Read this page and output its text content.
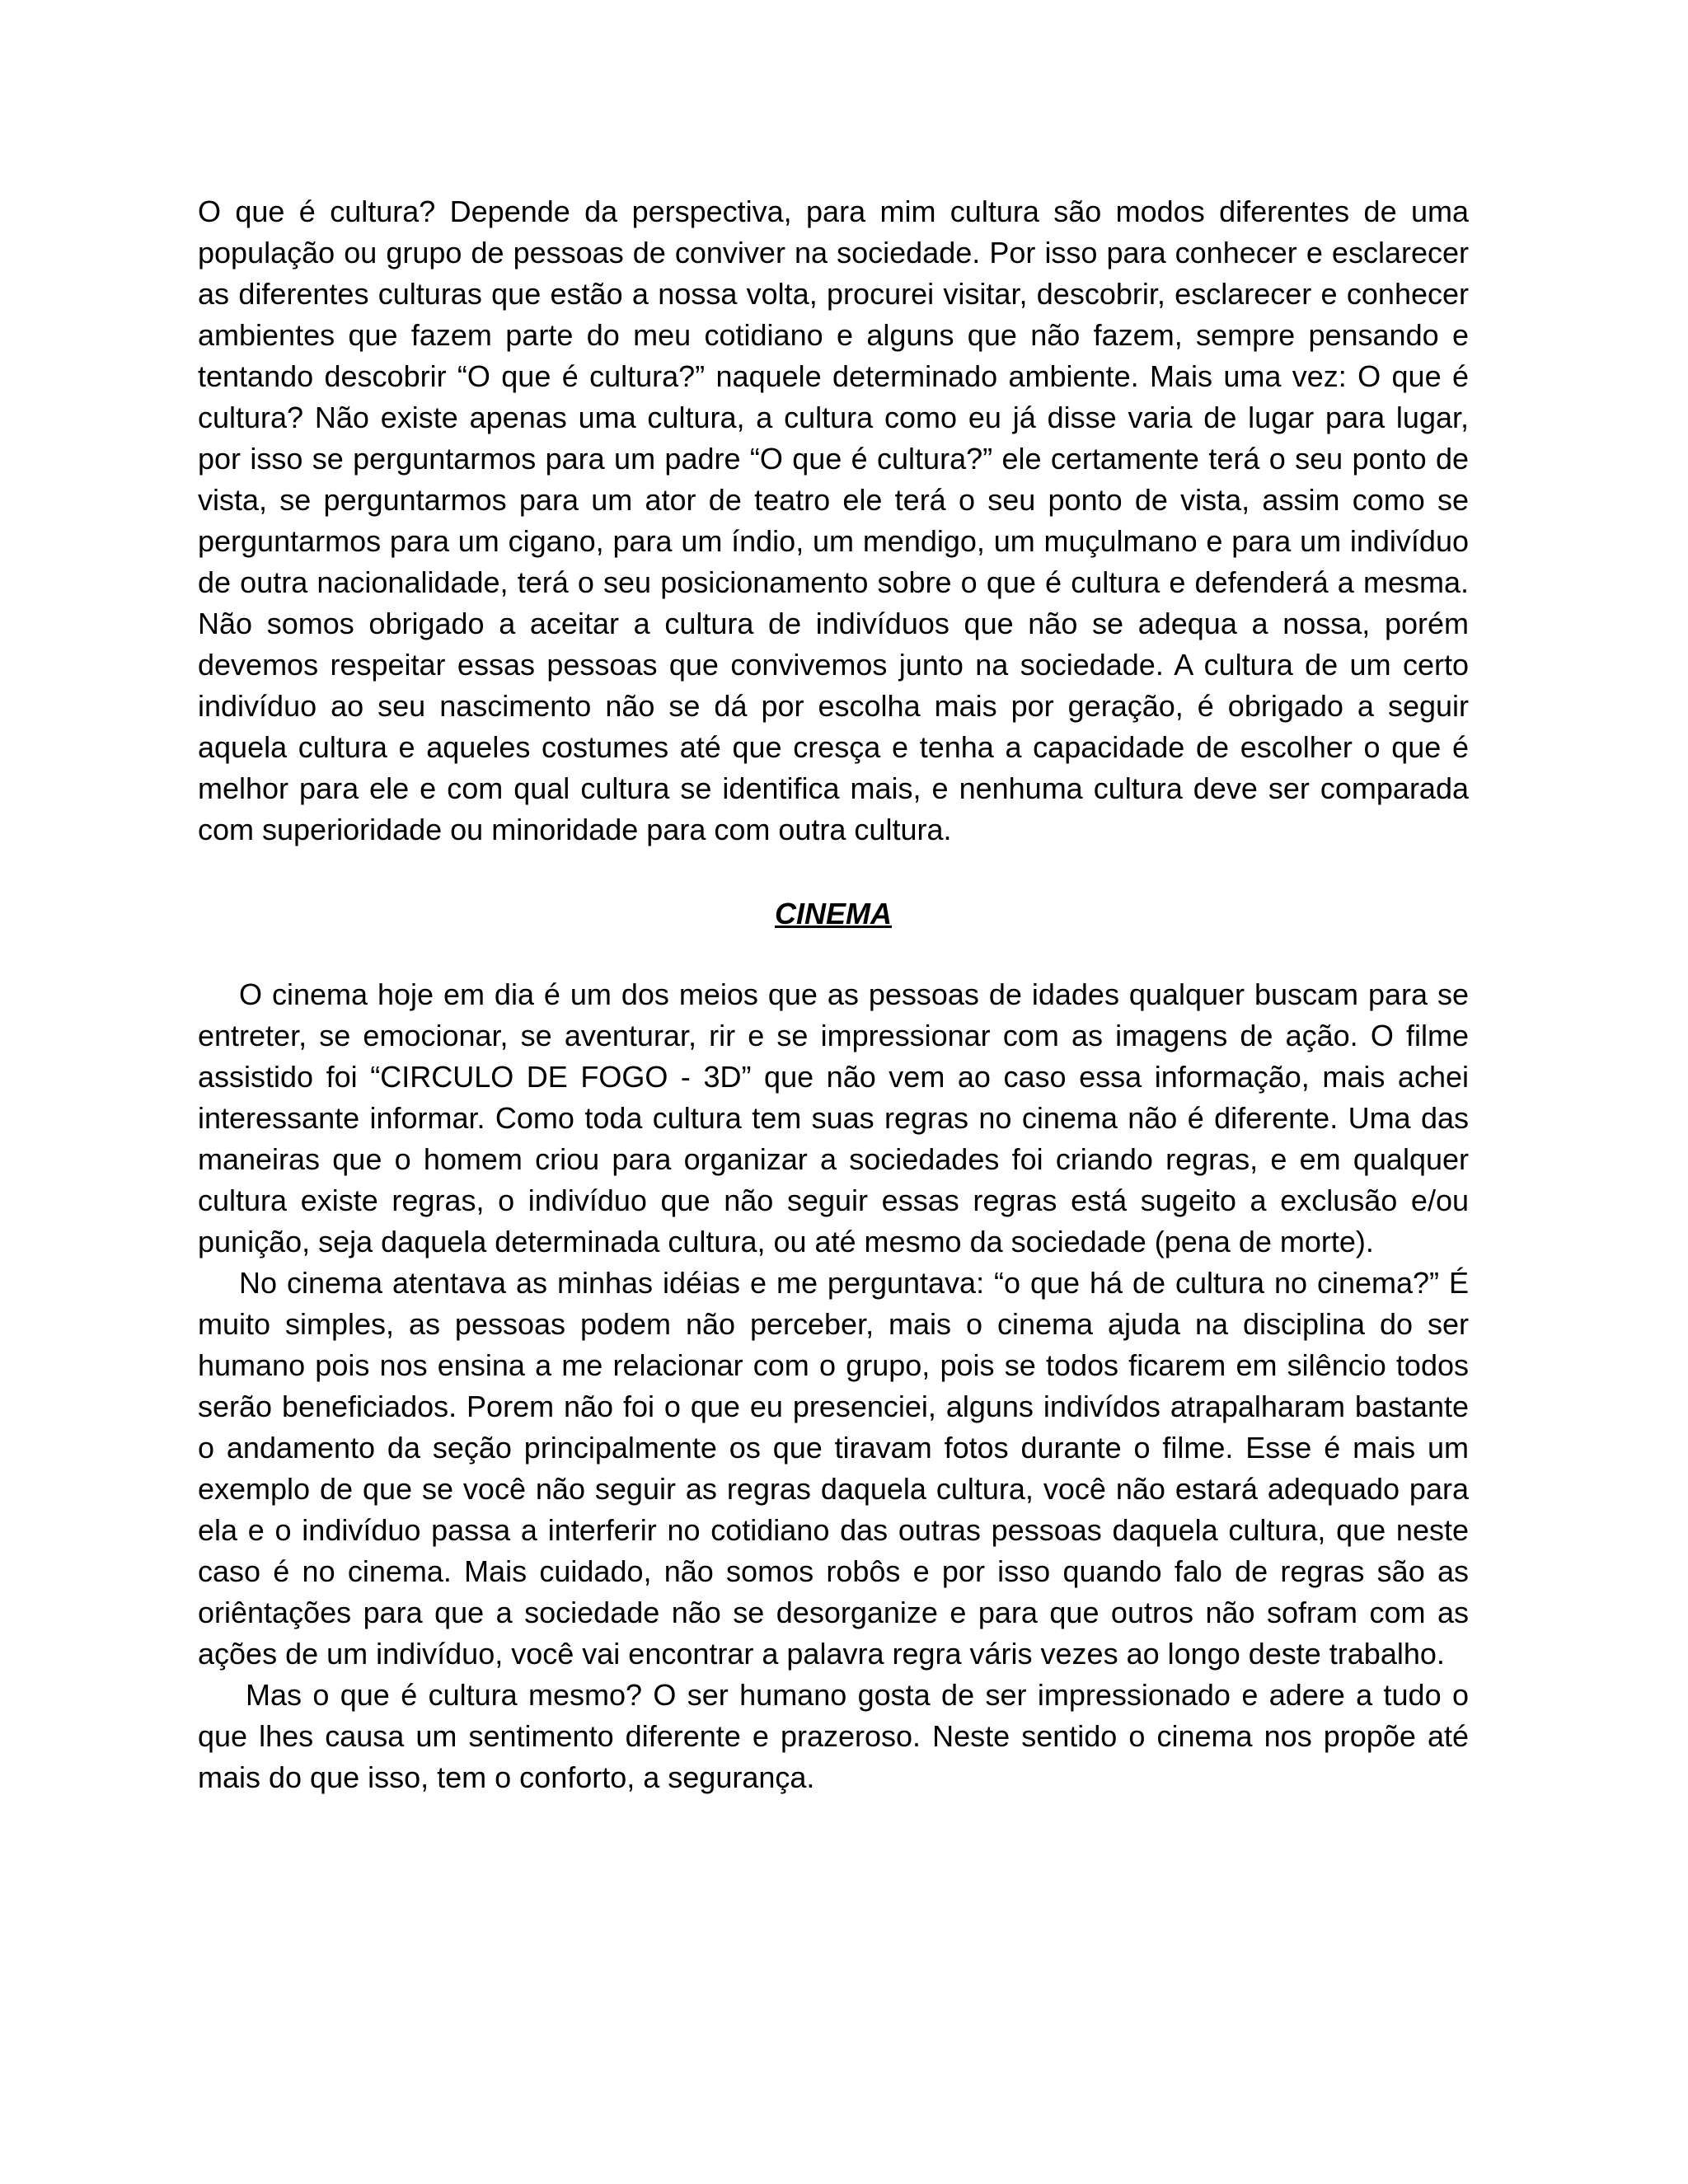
O que é cultura? Depende da perspectiva, para mim cultura são modos diferentes de uma população ou grupo de pessoas de conviver na sociedade. Por isso para conhecer e esclarecer as diferentes culturas que estão a nossa volta, procurei visitar, descobrir, esclarecer e conhecer ambientes que fazem parte do meu cotidiano e alguns que não fazem, sempre pensando e tentando descobrir “O que é cultura?” naquele determinado ambiente. Mais uma vez: O que é cultura? Não existe apenas uma cultura, a cultura como eu já disse varia de lugar para lugar, por isso se perguntarmos para um padre “O que é cultura?” ele certamente terá o seu ponto de vista, se perguntarmos para um ator de teatro ele terá o seu ponto de vista, assim como se perguntarmos para um cigano, para um índio, um mendigo, um muçulmano e para um indivíduo de outra nacionalidade, terá o seu posicionamento sobre o que é cultura e defenderá a mesma. Não somos obrigado a aceitar a cultura de indivíduos que não se adequa a nossa, porém devemos respeitar essas pessoas que convivemos junto na sociedade. A cultura de um certo indivíduo ao seu nascimento não se dá por escolha mais por geração, é obrigado a seguir aquela cultura e aqueles costumes até que cresça e tenha a capacidade de escolher o que é melhor para ele e com qual cultura se identifica mais, e nenhuma cultura deve ser comparada com superioridade ou minoridade para com outra cultura.

CINEMA

O cinema hoje em dia é um dos meios que as pessoas de idades qualquer buscam para se entreter, se emocionar, se aventurar, rir e se impressionar com as imagens de ação. O filme assistido foi “CIRCULO DE FOGO - 3D” que não vem ao caso essa informação, mais achei interessante informar. Como toda cultura tem suas regras no cinema não é diferente. Uma das maneiras que o homem criou para organizar a sociedades foi criando regras, e em qualquer cultura existe regras, o indivíduo que não seguir essas regras está sugeito a exclusão e/ou punição, seja daquela determinada cultura, ou até mesmo da sociedade (pena de morte).

No cinema atentava as minhas idéias e me perguntava: “o que há de cultura no cinema?” É muito simples, as pessoas podem não perceber, mais o cinema ajuda na disciplina do ser humano pois nos ensina a me relacionar com o grupo, pois se todos ficarem em silêncio todos serão beneficiados. Porem não foi o que eu presenciei, alguns indivídos atrapalharam bastante o andamento da seção principalmente os que tiravam fotos durante o filme. Esse é mais um exemplo de que se você não seguir as regras daquela cultura, você não estará adequado para ela e o indivíduo passa a interferir no cotidiano das outras pessoas daquela cultura, que neste caso é no cinema. Mais cuidado, não somos robôs e por isso quando falo de regras são as oriêntações para que a sociedade não se desorganize e para que outros não sofram com as ações de um indivíduo, você vai encontrar a palavra regra váris vezes ao longo deste trabalho.

Mas o que é cultura mesmo? O ser humano gosta de ser impressionado e adere a tudo o que lhes causa um sentimento diferente e prazeroso. Neste sentido o cinema nos propõe até mais do que isso, tem o conforto, a segurança.
